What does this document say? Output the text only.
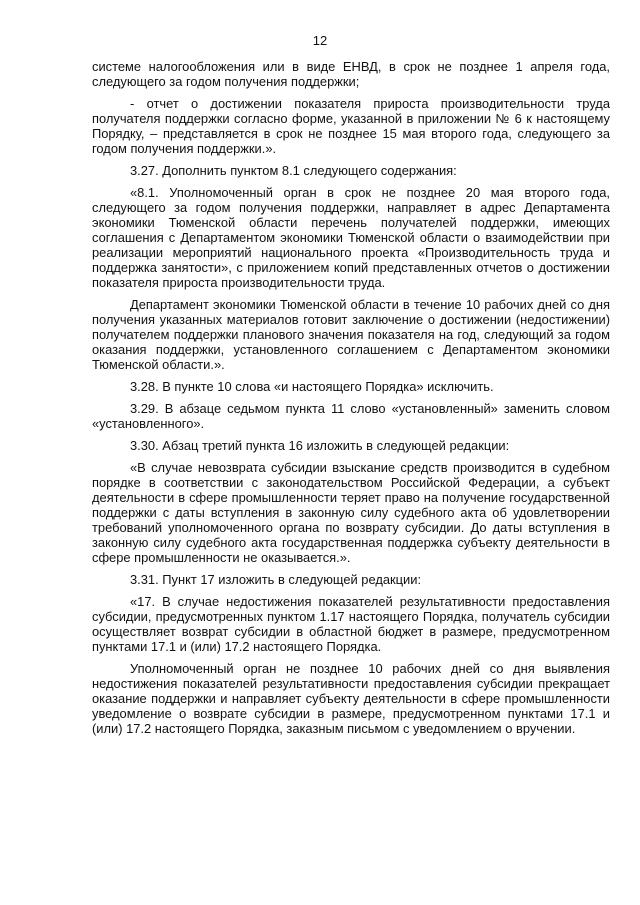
12

системе налогообложения или в виде ЕНВД, в срок не позднее 1 апреля года, следующего за годом получения поддержки;

- отчет о достижении показателя прироста производительности труда получателя поддержки согласно форме, указанной в приложении № 6 к настоящему Порядку, – представляется в срок не позднее 15 мая второго года, следующего за годом получения поддержки.».

3.27. Дополнить пунктом 8.1 следующего содержания:

«8.1. Уполномоченный орган в срок не позднее 20 мая второго года, следующего за годом получения поддержки, направляет в адрес Департамента экономики Тюменской области перечень получателей поддержки, имеющих соглашения с Департаментом экономики Тюменской области о взаимодействии при реализации мероприятий национального проекта «Производительность труда и поддержка занятости», с приложением копий представленных отчетов о достижении показателя прироста производительности труда.

Департамент экономики Тюменской области в течение 10 рабочих дней со дня получения указанных материалов готовит заключение о достижении (недостижении) получателем поддержки планового значения показателя на год, следующий за годом оказания поддержки, установленного соглашением с Департаментом экономики Тюменской области.».

3.28. В пункте 10 слова «и настоящего Порядка» исключить.

3.29. В абзаце седьмом пункта 11 слово «установленный» заменить словом «установленного».

3.30. Абзац третий пункта 16 изложить в следующей редакции:

«В случае невозврата субсидии взыскание средств производится в судебном порядке в соответствии с законодательством Российской Федерации, а субъект деятельности в сфере промышленности теряет право на получение государственной поддержки с даты вступления в законную силу судебного акта об удовлетворении требований уполномоченного органа по возврату субсидии. До даты вступления в законную силу судебного акта государственная поддержка субъекту деятельности в сфере промышленности не оказывается.».

3.31. Пункт 17 изложить в следующей редакции:

«17. В случае недостижения показателей результативности предоставления субсидии, предусмотренных пунктом 1.17 настоящего Порядка, получатель субсидии осуществляет возврат субсидии в областной бюджет в размере, предусмотренном пунктами 17.1 и (или) 17.2 настоящего Порядка.

Уполномоченный орган не позднее 10 рабочих дней со дня выявления недостижения показателей результативности предоставления субсидии прекращает оказание поддержки и направляет субъекту деятельности в сфере промышленности уведомление о возврате субсидии в размере, предусмотренном пунктами 17.1 и (или) 17.2 настоящего Порядка, заказным письмом с уведомлением о вручении.
